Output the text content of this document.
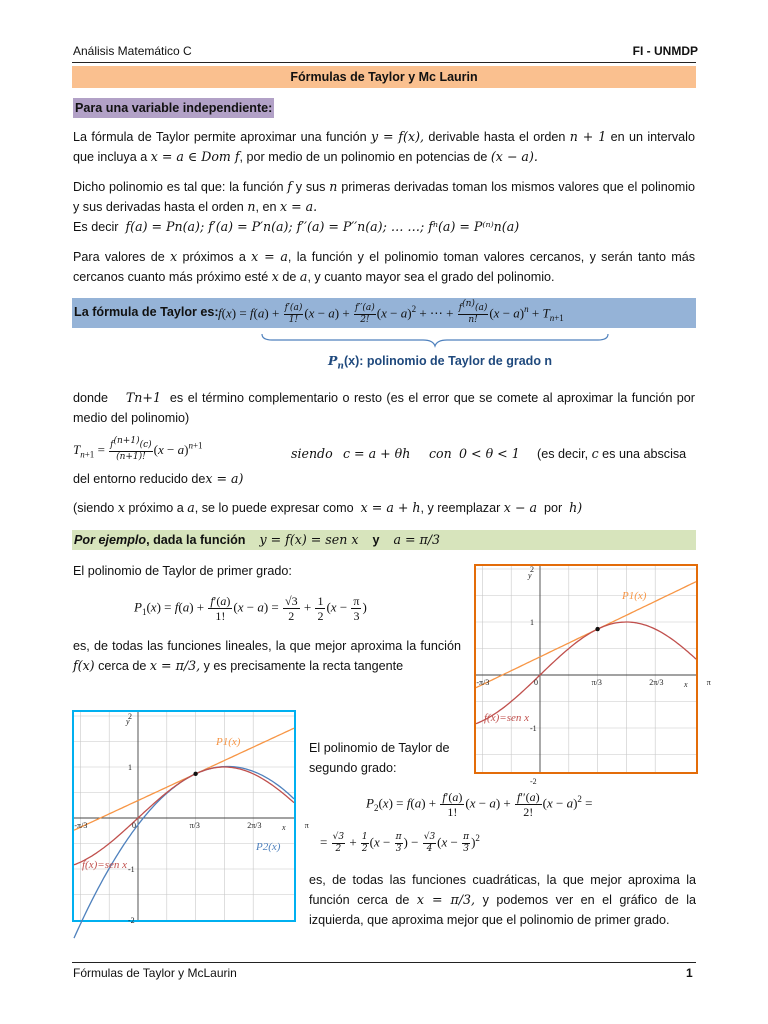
Análisis Matemático C	FI - UNMDP
Fórmulas de Taylor y Mc Laurin
Para una variable independiente:

La fórmula de Taylor permite aproximar una función y = f(x), derivable hasta el orden n + 1 en un intervalo que incluya a x = a ∈ Dom f, por medio de un polinomio en potencias de (x − a).

Dicho polinomio es tal que: la función f y sus n primeras derivadas toman los mismos valores que el polinomio y sus derivadas hasta el orden n, en x = a.

Es decir f(a) = Pn(a); f′(a) = P′n(a); f′′(a) = P′′n(a); … …; fⁿ(a) = P⁽ⁿ⁾n(a)

Para valores de x próximos a x = a, la función y el polinomio toman valores cercanos, y serán tanto más cercanos cuanto más próximo esté x de a, y cuanto mayor sea el grado del polinomio.

La fórmula de Taylor es: $f(x) = f(a) + \frac{f'(a)}{1!} (x - a) + \frac{f''(a)}{2!} (x - a)^2$ + ⋯ + $\frac{f^{(n)}(a)}{n!} (x - a)^n + T_{n+1}$
$P_n(x)$: polinomio de Taylor de grado n

donde Tn+1 es el término complementario o resto (es el error que se comete al aproximar la función por medio del polinomio)

$T_{n+1} = \frac{f^{(n+1)}(c)}{(n+1)!} (x - a)^{n+1}$	siendo c = a + θh con 0 < θ < 1 (es decir, c es una abscisa
del entorno reducido dex = a)

(siendo x próximo a a, se lo puede expresar como x = a + h, y reemplazar x − a por h)

Por ejemplo, dada la función y = f(x) = sen x y a = π/3
El polinomio de Taylor de primer grado:
$P_1(x) = f(a) + \frac{f'(a)}{1!} (x - a) = \frac{√3}{2} + \frac{1}{2} (x - \frac{\pi}{3}$ )

es, de todas las funciones lineales, la que mejor aproxima la función f(x) cerca de x = π/3, y es precisamente la recta tangente

-π/3	0	π/3	2π/3	π
2
1
-1
-2
y
x
P1(x)
f(x)=sen x
-π/3	0	π/3	2π/3	π
2
1
-1
-2
y
x
P1(x)
f(x)=sen x
P2(x)
El polinomio de Taylor de segundo grado:
$P_2(x) = f(a) + \frac{f'(a)}{1!} (x - a) + \frac{f''(a)}{2!} (x - a)^2$ =
= $\frac{√3}{2} + \frac{1}{2} (x - \frac{\pi}{3}$ ) − $\frac{√3}{4} (x - \frac{\pi}{3} )^2$

es, de todas las funciones cuadráticas, la que mejor aproxima la función cerca de x = π/3, y podemos ver en el gráfico de la izquierda, que aproxima mejor que el polinomio de primer grado.

Fórmulas de Taylor y McLaurin	1
